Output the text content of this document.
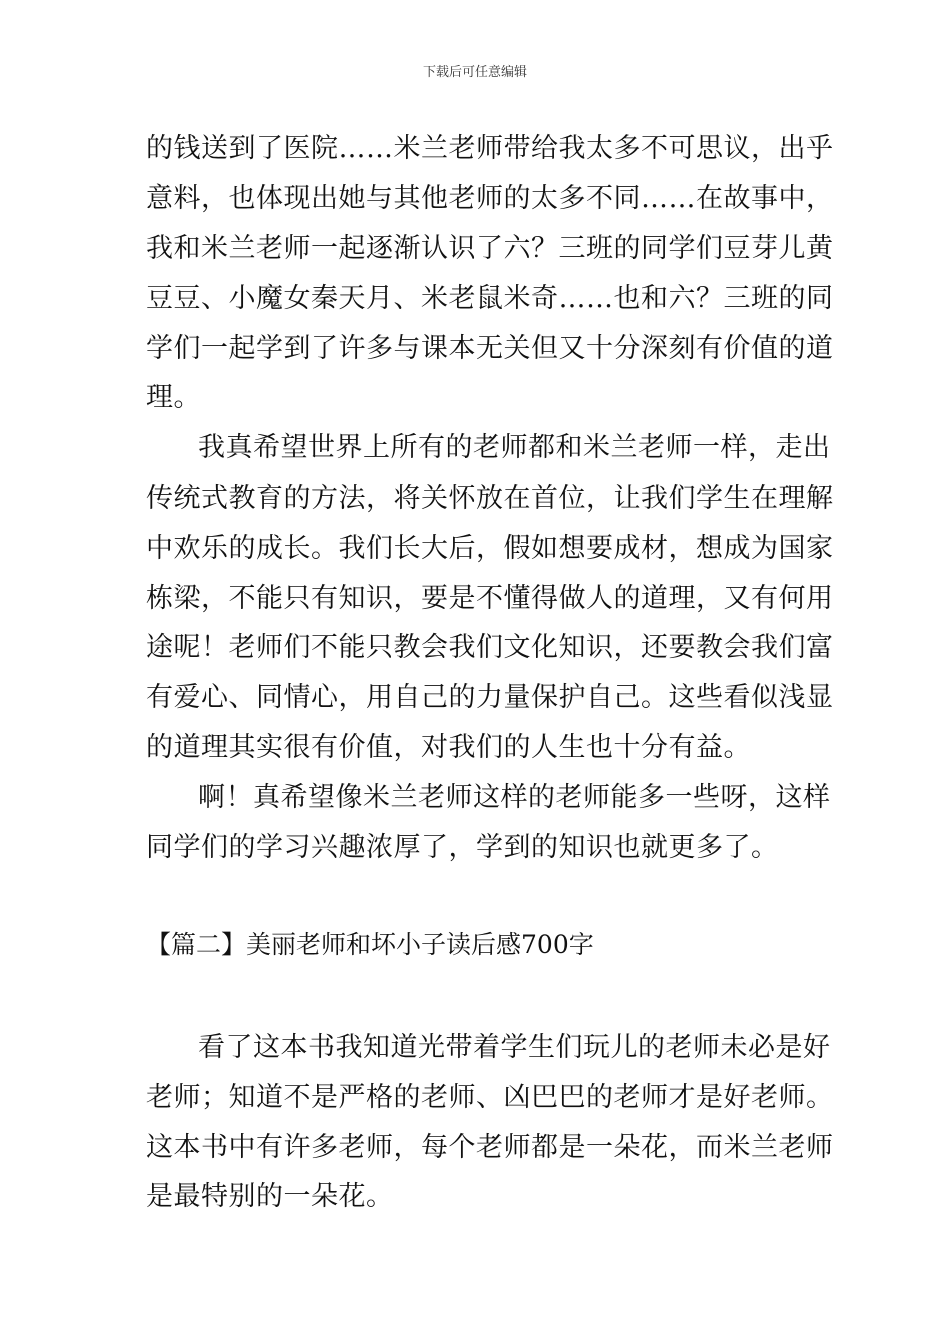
下载后可任意编辑
的钱送到了医院……米兰老师带给我太多不可思议，出乎
意料，也体现出她与其他老师的太多不同……在故事中，
我和米兰老师一起逐渐认识了六？三班的同学们豆芽儿黄
豆豆、小魔女秦天月、米老鼠米奇……也和六？三班的同
学们一起学到了许多与课本无关但又十分深刻有价值的道
理。
我真希望世界上所有的老师都和米兰老师一样，走出
传统式教育的方法，将关怀放在首位，让我们学生在理解
中欢乐的成长。我们长大后，假如想要成材，想成为国家
栋梁，不能只有知识，要是不懂得做人的道理，又有何用
途呢！老师们不能只教会我们文化知识，还要教会我们富
有爱心、同情心，用自己的力量保护自己。这些看似浅显
的道理其实很有价值，对我们的人生也十分有益。
啊！真希望像米兰老师这样的老师能多一些呀，这样
同学们的学习兴趣浓厚了，学到的知识也就更多了。
【篇二】美丽老师和坏小子读后感700字
看了这本书我知道光带着学生们玩儿的老师未必是好
老师；知道不是严格的老师、凶巴巴的老师才是好老师。
这本书中有许多老师，每个老师都是一朵花，而米兰老师
是最特别的一朵花。
